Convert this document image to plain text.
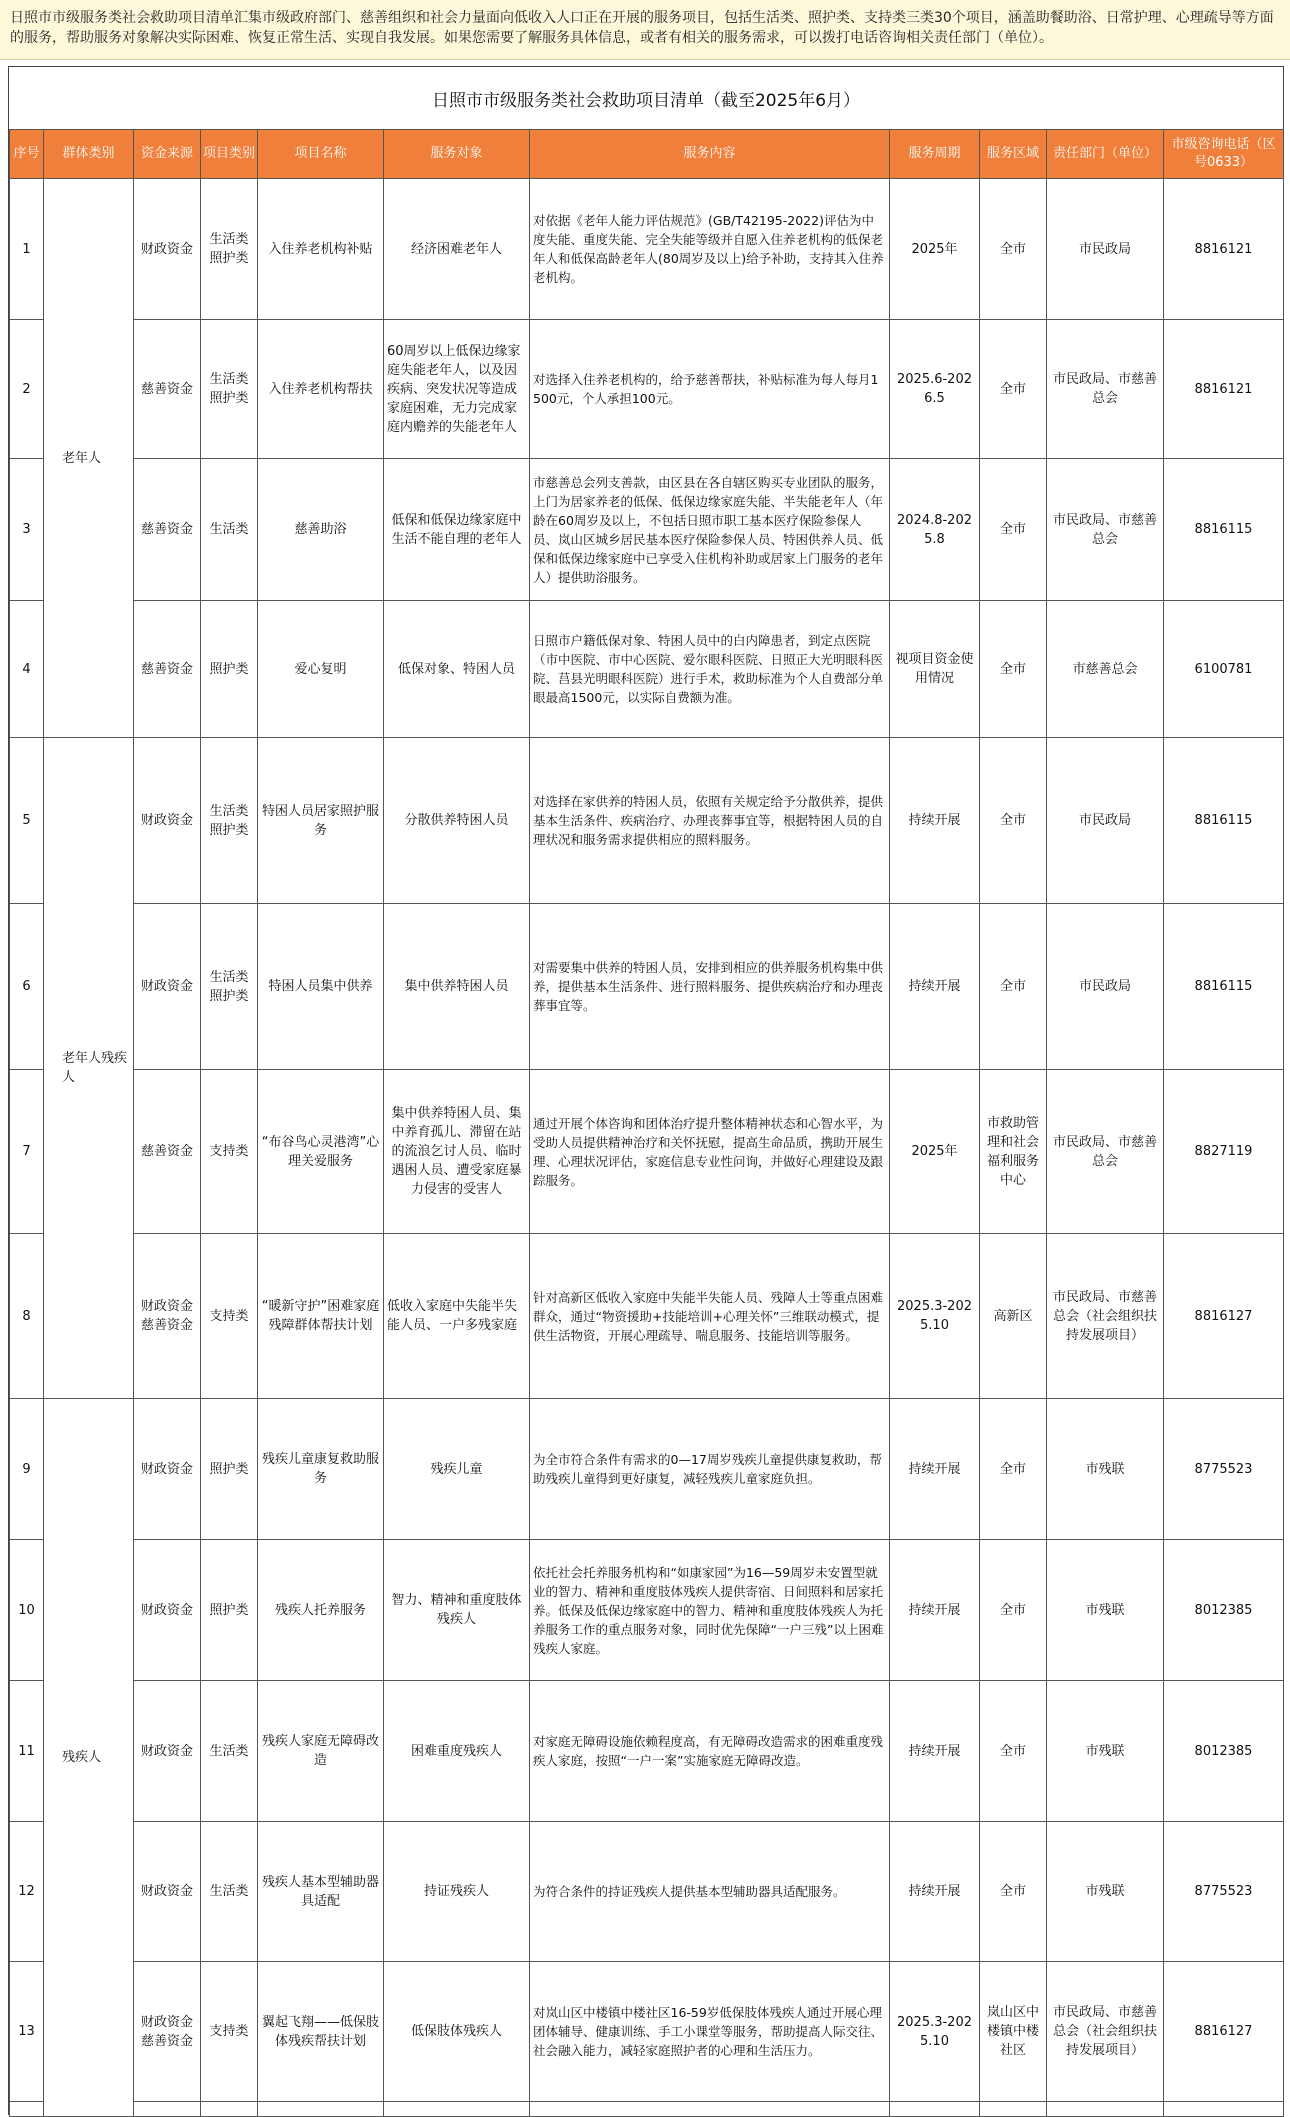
日照市市级服务类社会救助项目清单汇集市级政府部门、慈善组织和社会力量面向低收入人口正在开展的服务项目，包括生活类、照护类、支持类三类30个项目，涵盖助餐助浴、日常护理、心理疏导等方面的服务，帮助服务对象解决实际困难、恢复正常生活、实现自我发展。如果您需要了解服务具体信息，或者有相关的服务需求，可以拨打电话咨询相关责任部门（单位）。
日照市市级服务类社会救助项目清单（截至2025年6月）
序号	群体类别	资金来源	项目类别	项目名称	服务对象	服务内容	服务周期	服务区域	责任部门（单位）	市级咨询电话（区号0633）	
1	老年人	财政资金	生活类照护类	入住养老机构补贴	经济困难老年人	对依据《老年人能力评估规范》(GB/T42195-2022)评估为中度失能、重度失能、完全失能等级并自愿入住养老机构的低保老年人和低保高龄老年人(80周岁及以上)给予补助，支持其入住养老机构。	2025年	全市	市民政局	8816121	
2		慈善资金	生活类照护类	入住养老机构帮扶	60周岁以上低保边缘家庭失能老年人，以及因疾病、突发状况等造成家庭困难，无力完成家庭内赡养的失能老年人	对选择入住养老机构的，给予慈善帮扶，补贴标准为每人每月1500元，个人承担100元。	2025.6-2026.5	全市	市民政局、市慈善总会	8816121	
3		慈善资金	生活类	慈善助浴	低保和低保边缘家庭中生活不能自理的老年人	市慈善总会列支善款，由区县在各自辖区购买专业团队的服务，上门为居家养老的低保、低保边缘家庭失能、半失能老年人（年龄在60周岁及以上，不包括日照市职工基本医疗保险参保人员、岚山区城乡居民基本医疗保险参保人员、特困供养人员、低保和低保边缘家庭中已享受入住机构补助或居家上门服务的老年人）提供助浴服务。	2024.8-2025.8	全市	市民政局、市慈善总会	8816115	
4		慈善资金	照护类	爱心复明	低保对象、特困人员	日照市户籍低保对象、特困人员中的白内障患者，到定点医院（市中医院、市中心医院、爱尔眼科医院、日照正大光明眼科医院、莒县光明眼科医院）进行手术，救助标准为个人自费部分单眼最高1500元，以实际自费额为准。	视项目资金使用情况	全市	市慈善总会	6100781	
5	老年人残疾人	财政资金	生活类照护类	特困人员居家照护服务	分散供养特困人员	对选择在家供养的特困人员，依照有关规定给予分散供养，提供基本生活条件、疾病治疗、办理丧葬事宜等，根据特困人员的自理状况和服务需求提供相应的照料服务。	持续开展	全市	市民政局	8816115	
6		财政资金	生活类照护类	特困人员集中供养	集中供养特困人员	对需要集中供养的特困人员，安排到相应的供养服务机构集中供养，提供基本生活条件、进行照料服务、提供疾病治疗和办理丧葬事宜等。	持续开展	全市	市民政局	8816115	
7		慈善资金	支持类	“布谷鸟心灵港湾”心理关爱服务	集中供养特困人员、集中养育孤儿、滞留在站的流浪乞讨人员、临时遇困人员、遭受家庭暴力侵害的受害人	通过开展个体咨询和团体治疗提升整体精神状态和心智水平，为受助人员提供精神治疗和关怀抚慰，提高生命品质，携助开展生理、心理状况评估，家庭信息专业性问询，并做好心理建设及跟踪服务。	2025年	市救助管理和社会福利服务中心	市民政局、市慈善总会	8827119	
8		财政资金慈善资金	支持类	“暖新守护”困难家庭残障群体帮扶计划	低收入家庭中失能半失能人员、一户多残家庭	针对高新区低收入家庭中失能半失能人员、残障人士等重点困难群众，通过“物资援助+技能培训+心理关怀”三维联动模式，提供生活物资，开展心理疏导、喘息服务、技能培训等服务。	2025.3-2025.10	高新区	市民政局、市慈善总会（社会组织扶持发展项目）	8816127	
9	残疾人	财政资金	照护类	残疾儿童康复救助服务	残疾儿童	为全市符合条件有需求的0—17周岁残疾儿童提供康复救助，帮助残疾儿童得到更好康复，减轻残疾儿童家庭负担。	持续开展	全市	市残联	8775523	
10		财政资金	照护类	残疾人托养服务	智力、精神和重度肢体残疾人	依托社会托养服务机构和“如康家园”为16—59周岁未安置型就业的智力、精神和重度肢体残疾人提供寄宿、日间照料和居家托养。低保及低保边缘家庭中的智力、精神和重度肢体残疾人为托养服务工作的重点服务对象，同时优先保障“一户三残”以上困难残疾人家庭。	持续开展	全市	市残联	8012385	
11		财政资金	生活类	残疾人家庭无障碍改造	困难重度残疾人	对家庭无障碍设施依赖程度高，有无障碍改造需求的困难重度残疾人家庭，按照“一户一案”实施家庭无障碍改造。	持续开展	全市	市残联	8012385	
12		财政资金	生活类	残疾人基本型辅助器具适配	持证残疾人	为符合条件的持证残疾人提供基本型辅助器具适配服务。	持续开展	全市	市残联	8775523	
13		财政资金慈善资金	支持类	翼起飞翔——低保肢体残疾帮扶计划	低保肢体残疾人	对岚山区中楼镇中楼社区16-59岁低保肢体残疾人通过开展心理团体辅导、健康训练、手工小课堂等服务，帮助提高人际交往、社会融入能力，减轻家庭照护者的心理和生活压力。	2025.3-2025.10	岚山区中楼镇中楼社区	市民政局、市慈善总会（社会组织扶持发展项目）	8816127	
